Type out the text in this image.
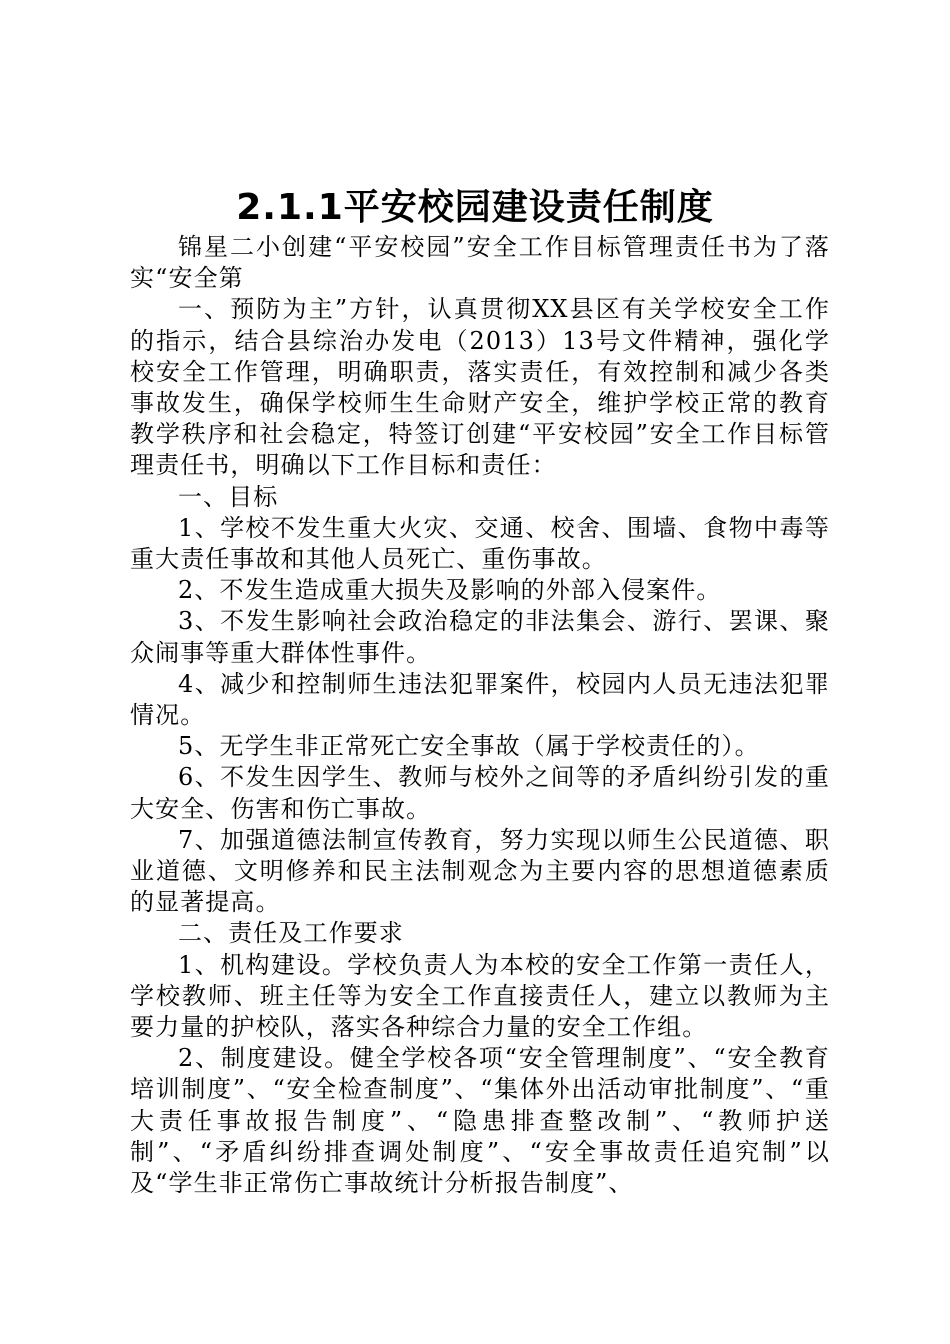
2.1.1平安校园建设责任制度

锦星二小创建“平安校园”安全工作目标管理责任书为了落实“安全第

一、预防为主”方针，认真贯彻XX县区有关学校安全工作的指示，结合县综治办发电（2013）13号文件精神，强化学校安全工作管理，明确职责，落实责任，有效控制和减少各类事故发生，确保学校师生生命财产安全，维护学校正常的教育教学秩序和社会稳定，特签订创建“平安校园”安全工作目标管理责任书，明确以下工作目标和责任：

一、目标

1、学校不发生重大火灾、交通、校舍、围墙、食物中毒等重大责任事故和其他人员死亡、重伤事故。

2、不发生造成重大损失及影响的外部入侵案件。

3、不发生影响社会政治稳定的非法集会、游行、罢课、聚众闹事等重大群体性事件。

4、减少和控制师生违法犯罪案件，校园内人员无违法犯罪情况。

5、无学生非正常死亡安全事故（属于学校责任的）。

6、不发生因学生、教师与校外之间等的矛盾纠纷引发的重大安全、伤害和伤亡事故。

7、加强道德法制宣传教育，努力实现以师生公民道德、职业道德、文明修养和民主法制观念为主要内容的思想道德素质的显著提高。

二、责任及工作要求

1、机构建设。学校负责人为本校的安全工作第一责任人，学校教师、班主任等为安全工作直接责任人，建立以教师为主要力量的护校队，落实各种综合力量的安全工作组。

2、制度建设。健全学校各项“安全管理制度”、“安全教育培训制度”、“安全检查制度”、“集体外出活动审批制度”、“重大责任事故报告制度”、“隐患排查整改制”、“教师护送制”、“矛盾纠纷排查调处制度”、“安全事故责任追究制”以及“学生非正常伤亡事故统计分析报告制度”、
